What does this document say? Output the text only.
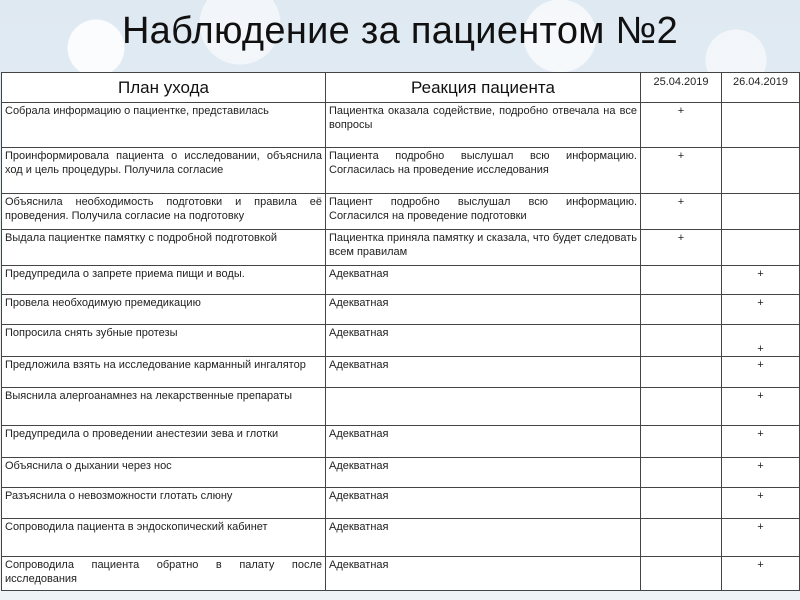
Наблюдение за пациентом №2
План ухода	Реакция пациента	25.04.2019	26.04.2019
Собрала информацию о пациентке, представилась	Пациентка оказала содействие, подробно отвечала на все вопросы	+	
Проинформировала пациента о исследовании, объяснила ход и цель процедуры. Получила согласие	Пациента подробно выслушал всю информацию. Согласилась на проведение исследования	+	
Объяснила необходимость подготовки и правила её проведения. Получила согласие на подготовку	Пациент подробно выслушал всю информацию. Согласился на проведение подготовки	+	
Выдала пациентке памятку с подробной подготовкой	Пациентка приняла памятку и сказала, что будет следовать всем правилам	+	
Предупредила о запрете приема пищи и воды.	Адекватная		+
Провела необходимую премедикацию	Адекватная		+
Попросила снять зубные протезы	Адекватная		+
Предложила взять на исследование карманный ингалятор	Адекватная		+
Выяснила алергоанамнез на лекарственные препараты			+
Предупредила о проведении анестезии зева и глотки	Адекватная		+
Объяснила о дыхании через нос	Адекватная		+
Разъяснила о невозможности глотать слюну	Адекватная		+
Сопроводила пациента в эндоскопический кабинет	Адекватная		+
Сопроводила пациента обратно в палату после исследования	Адекватная		+
